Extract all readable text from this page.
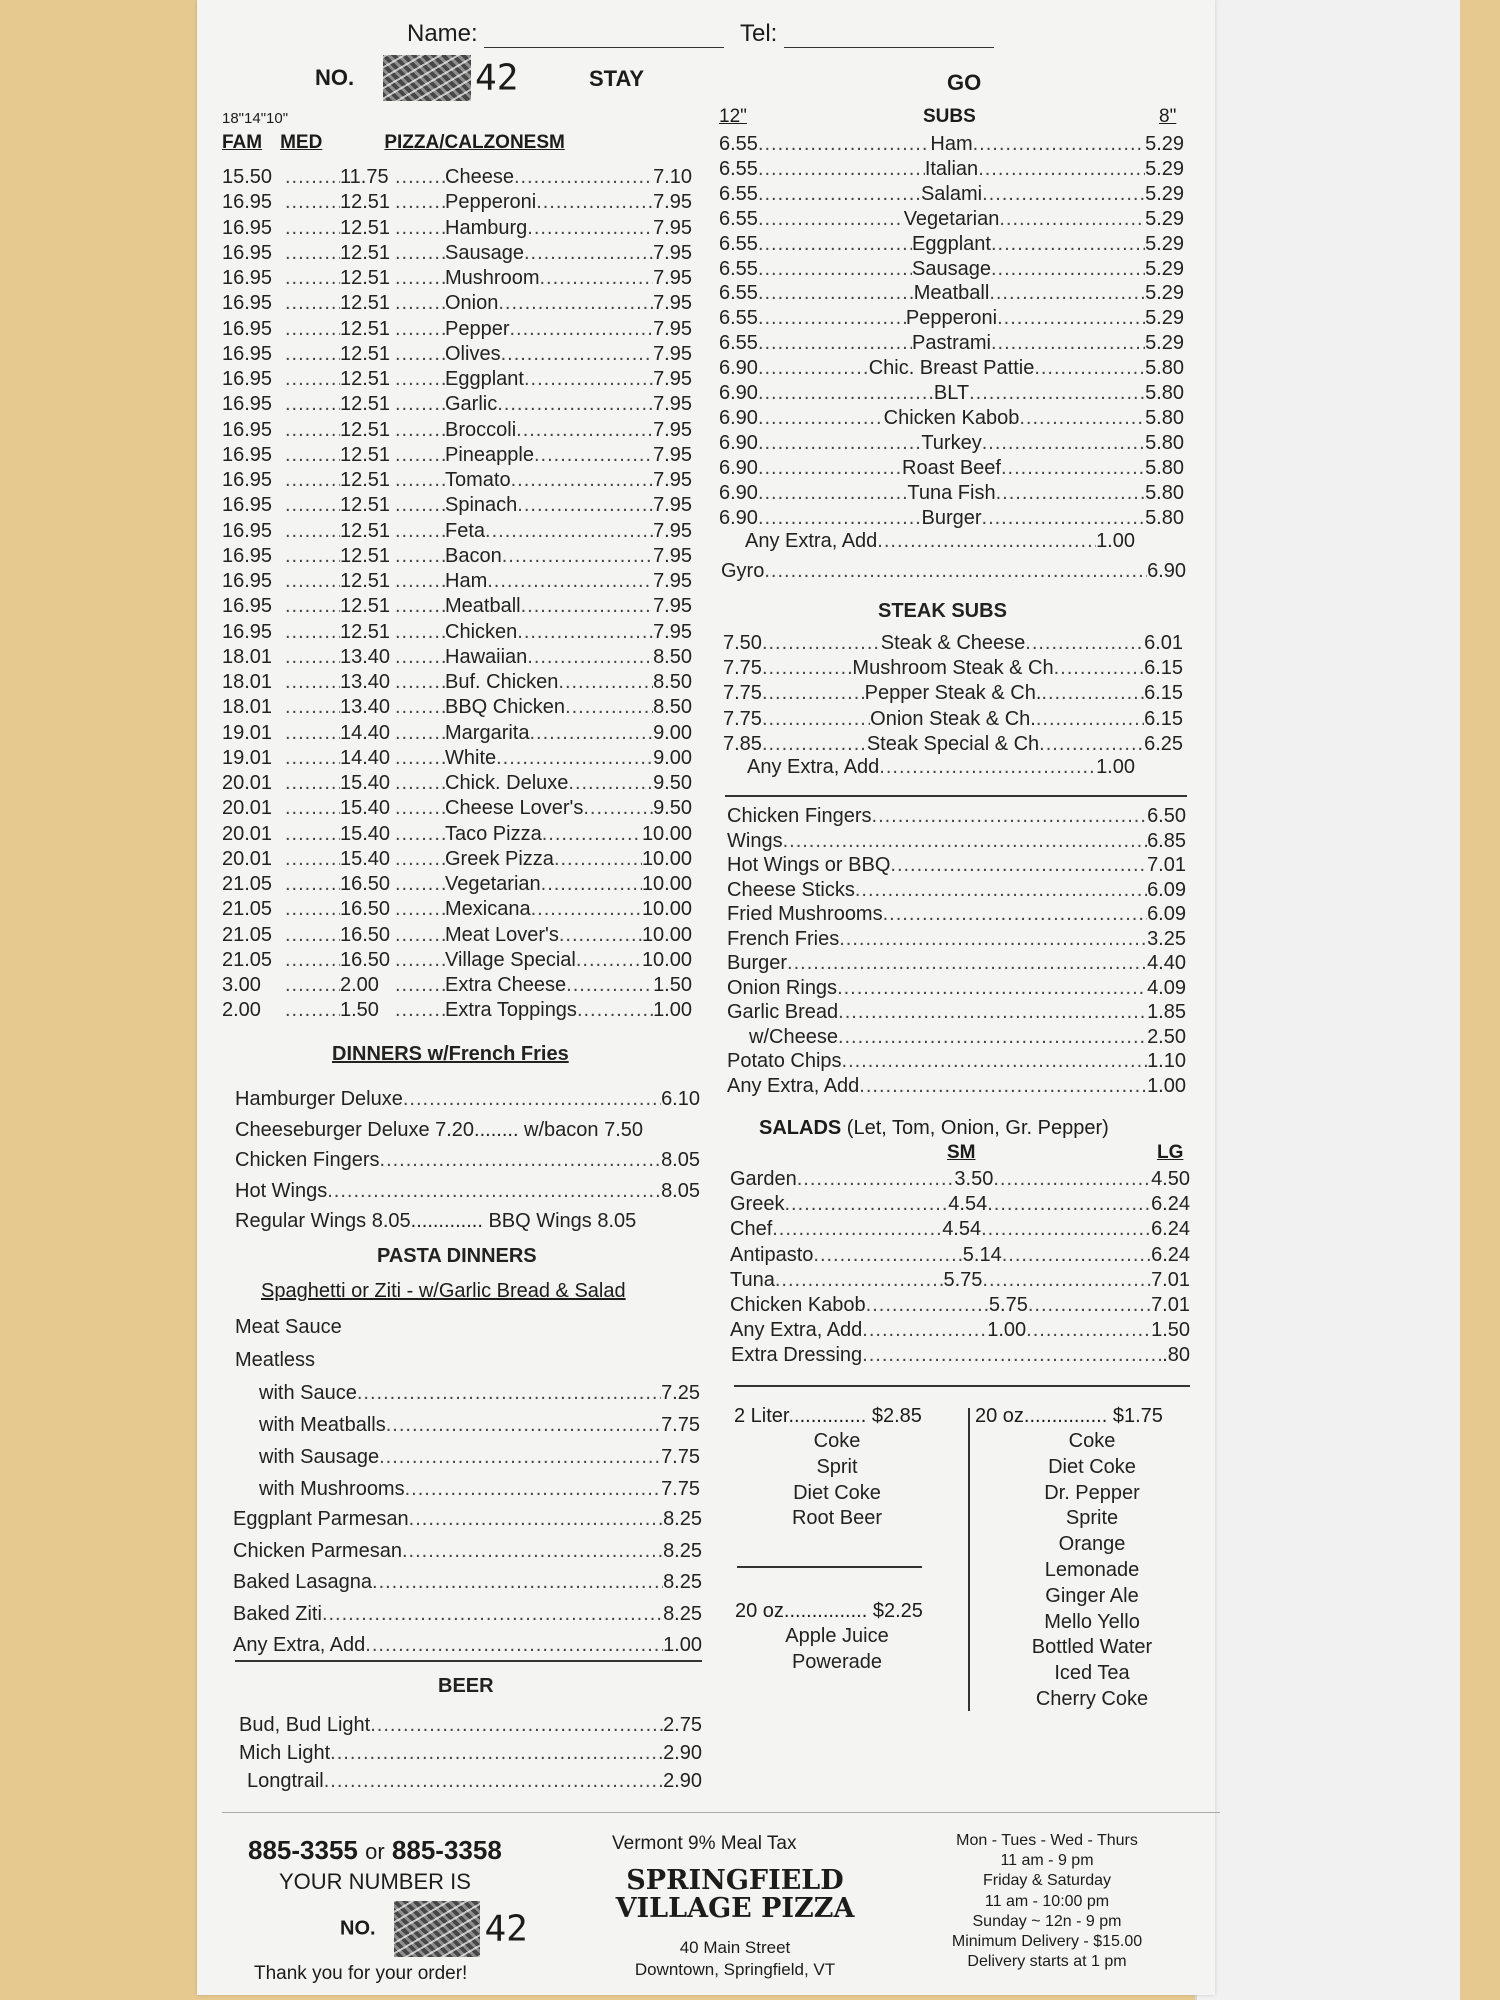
Name:	Tel:
NO.	42	STAY	GO
18" 14" 10"
FAM MED	PIZZA/CALZONE SM
15.50 .....	11.75 .....	Cheese .....	7.10
16.95 .....	12.51 .....	Pepperoni .....	7.95
16.95 .....	12.51 .....	Hamburg .....	7.95
16.95 .....	12.51 .....	Sausage .....	7.95
16.95 .....	12.51 .....	Mushroom .....	7.95
16.95 .....	12.51 .....	Onion .....	7.95
16.95 .....	12.51 .....	Pepper .....	7.95
16.95 .....	12.51 .....	Olives .....	7.95
16.95 .....	12.51 .....	Eggplant .....	7.95
16.95 .....	12.51 .....	Garlic .....	7.95
16.95 .....	12.51 .....	Broccoli .....	7.95
16.95 .....	12.51 .....	Pineapple .....	7.95
16.95 .....	12.51 .....	Tomato .....	7.95
16.95 .....	12.51 .....	Spinach .....	7.95
16.95 .....	12.51 .....	Feta .....	7.95
16.95 .....	12.51 .....	Bacon .....	7.95
16.95 .....	12.51 .....	Ham .....	7.95
16.95 .....	12.51 .....	Meatball .....	7.95
16.95 .....	12.51 .....	Chicken .....	7.95
18.01 .....	13.40 .....	Hawaiian .....	8.50
18.01 .....	13.40 .....	Buf. Chicken .....	8.50
18.01 .....	13.40 .....	BBQ Chicken .....	8.50
19.01 .....	14.40 .....	Margarita .....	9.00
19.01 .....	14.40 .....	White .....	9.00
20.01 .....	15.40 .....	Chick. Deluxe .....	9.50
20.01 .....	15.40 .....	Cheese Lover's .....	9.50
20.01 .....	15.40 .....	Taco Pizza .....	10.00
20.01 .....	15.40 .....	Greek Pizza .....	10.00
21.05 .....	16.50 .....	Vegetarian .....	10.00
21.05 .....	16.50 .....	Mexicana .....	10.00
21.05 .....	16.50 .....	Meat Lover's .....	10.00
21.05 .....	16.50 .....	Village Special .....	10.00
3.00 .....	2.00 .....	Extra Cheese .....	1.50
2.00 .....	1.50 .....	Extra Toppings .....	1.00
DINNERS w/French Fries
Hamburger Deluxe .....	6.10
Cheeseburger Deluxe 7.20........ w/bacon 7.50
Chicken Fingers .....	8.05
Hot Wings .....	8.05
Regular Wings 8.05............. BBQ Wings 8.05
PASTA DINNERS
Spaghetti or Ziti - w/Garlic Bread & Salad
Meat Sauce
Meatless
with Sauce .....	7.25
with Meatballs .....	7.75
with Sausage .....	7.75
with Mushrooms .....	7.75
Eggplant Parmesan .....	8.25
Chicken Parmesan .....	8.25
Baked Lasagna .....	8.25
Baked Ziti .....	8.25
Any Extra, Add .....	1.00
BEER
Bud, Bud Light .....	2.75
Mich Light .....	2.90
Longtrail .....	2.90
12"	SUBS	8"
6.55 .....	Ham .....	5.29
6.55 .....	Italian .....	5.29
6.55 .....	Salami .....	5.29
6.55 .....	Vegetarian .....	5.29
6.55 .....	Eggplant .....	5.29
6.55 .....	Sausage .....	5.29
6.55 .....	Meatball .....	5.29
6.55 .....	Pepperoni .....	5.29
6.55 .....	Pastrami .....	5.29
6.90 .....	Chic. Breast Pattie .....	5.80
6.90 .....	BLT .....	5.80
6.90 .....	Chicken Kabob .....	5.80
6.90 .....	Turkey .....	5.80
6.90 .....	Roast Beef .....	5.80
6.90 .....	Tuna Fish .....	5.80
6.90 .....	Burger .....	5.80
Any Extra, Add .....	1.00
Gyro .....	6.90
STEAK SUBS
7.50 .....	Steak & Cheese .....	6.01
7.75 .....	Mushroom Steak & Ch .....	6.15
7.75 .....	Pepper Steak & Ch. .....	6.15
7.75 .....	Onion Steak & Ch. .....	6.15
7.85 .....	Steak Special & Ch .....	6.25
Any Extra, Add .....	1.00
Chicken Fingers .....	6.50
Wings .....	6.85
Hot Wings or BBQ .....	7.01
Cheese Sticks .....	6.09
Fried Mushrooms .....	6.09
French Fries .....	3.25
Burger .....	4.40
Onion Rings .....	4.09
Garlic Bread .....	1.85
w/Cheese .....	2.50
Potato Chips .....	1.10
Any Extra, Add .....	1.00
SALADS (Let, Tom, Onion, Gr. Pepper)
SM	LG
Garden .....	3.50 .....	4.50
Greek .....	4.54 .....	6.24
Chef .....	4.54 .....	6.24
Antipasto .....	5.14 .....	6.24
Tuna .....	5.75 .....	7.01
Chicken Kabob .....	5.75 .....	7.01
Any Extra, Add .....	1.00 .....	1.50
Extra Dressing .....	.80
2 Liter.............. $2.85
Coke
Sprit
Diet Coke
Root Beer
20 oz............... $2.25
Apple Juice
Powerade
20 oz............... $1.75
Coke
Diet Coke
Dr. Pepper
Sprite
Orange
Lemonade
Ginger Ale
Mello Yello
Bottled Water
Iced Tea
Cherry Coke
885-3355 or 885-3358
YOUR NUMBER IS
NO.	42
Thank you for your order!
Vermont 9% Meal Tax
SPRINGFIELD
VILLAGE PIZZA
40 Main Street
Downtown, Springfield, VT
Mon - Tues - Wed - Thurs
11 am - 9 pm
Friday & Saturday
11 am - 10:00 pm
Sunday ~ 12n - 9 pm
Minimum Delivery - $15.00
Delivery starts at 1 pm
